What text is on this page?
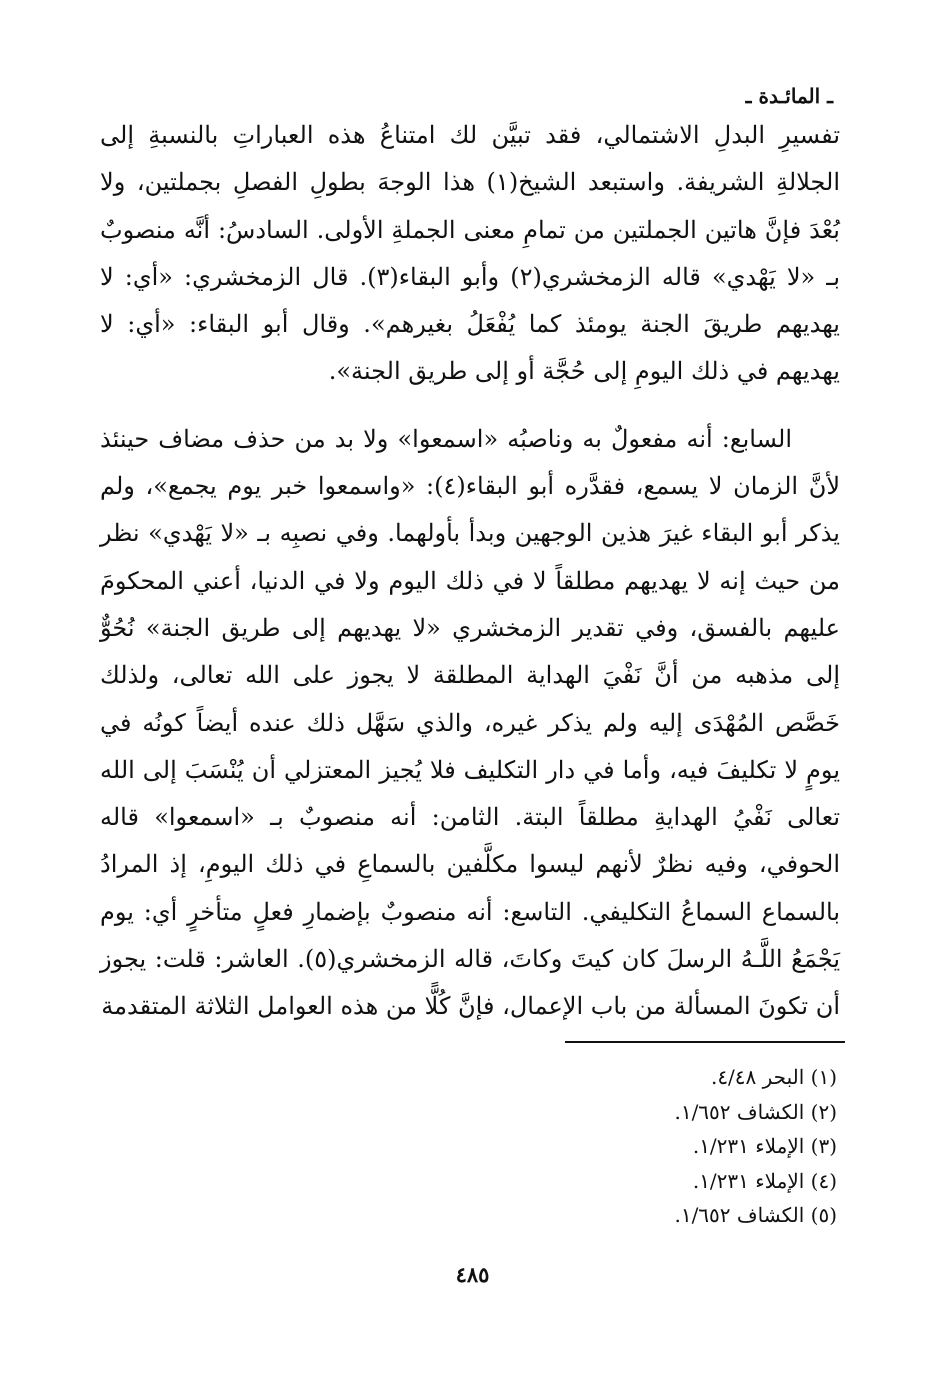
ـ المائـدة ـ

تفسيرِ البدلِ الاشتمالي، فقد تبيَّن لك امتناعُ هذه العباراتِ بالنسبةِ إلى الجلالةِ الشريفة. واستبعد الشيخ(١) هذا الوجهَ بطولِ الفصلِ بجملتين، ولا بُعْدَ فإنَّ هاتين الجملتين من تمامِ معنى الجملةِ الأولى. السادسُ: أنَّه منصوبٌ بـ «لا يَهْدي» قاله الزمخشري(٢) وأبو البقاء(٣). قال الزمخشري: «أي: لا يهديهم طريقَ الجنة يومئذ كما يُفْعَلُ بغيرهم». وقال أبو البقاء: «أي: لا يهديهم في ذلك اليومِ إلى حُجَّة أو إلى طريق الجنة».

السابع: أنه مفعولٌ به وناصبُه «اسمعوا» ولا بد من حذف مضاف حينئذ لأنَّ الزمان لا يسمع، فقدَّره أبو البقاء(٤): «واسمعوا خبر يوم يجمع»، ولم يذكر أبو البقاء غيرَ هذين الوجهين وبدأ بأولهما. وفي نصبِه بـ «لا يَهْدي» نظر من حيث إنه لا يهديهم مطلقاً لا في ذلك اليوم ولا في الدنيا، أعني المحكومَ عليهم بالفسق، وفي تقدير الزمخشري «لا يهديهم إلى طريق الجنة» نُحُوٌّ إلى مذهبه من أنَّ نَفْيَ الهداية المطلقة لا يجوز على الله تعالى، ولذلك خَصَّص المُهْدَى إليه ولم يذكر غيره، والذي سَهَّل ذلك عنده أيضاً كونُه في يومٍ لا تكليفَ فيه، وأما في دار التكليف فلا يُجيز المعتزلي أن يُنْسَبَ إلى الله تعالى نَفْيُ الهدايةِ مطلقاً البتة. الثامن: أنه منصوبٌ بـ «اسمعوا» قاله الحوفي، وفيه نظرٌ لأنهم ليسوا مكلَّفين بالسماعِ في ذلك اليومِ، إذ المرادُ بالسماع السماعُ التكليفي. التاسع: أنه منصوبٌ بإضمارِ فعلٍ متأخرٍ أي: يوم يَجْمَعُ اللَّـهُ الرسلَ كان كيتَ وكاتَ، قاله الزمخشري(٥). العاشر: قلت: يجوز أن تكونَ المسألة من باب الإعمال، فإنَّ كُلًّا من هذه العوامل الثلاثة المتقدمة

(١) البحر ٤/٤٨.
(٢) الكشاف ١/٦٥٢.
(٣) الإملاء ١/٢٣١.
(٤) الإملاء ١/٢٣١.
(٥) الكشاف ١/٦٥٢.
٤٨٥
